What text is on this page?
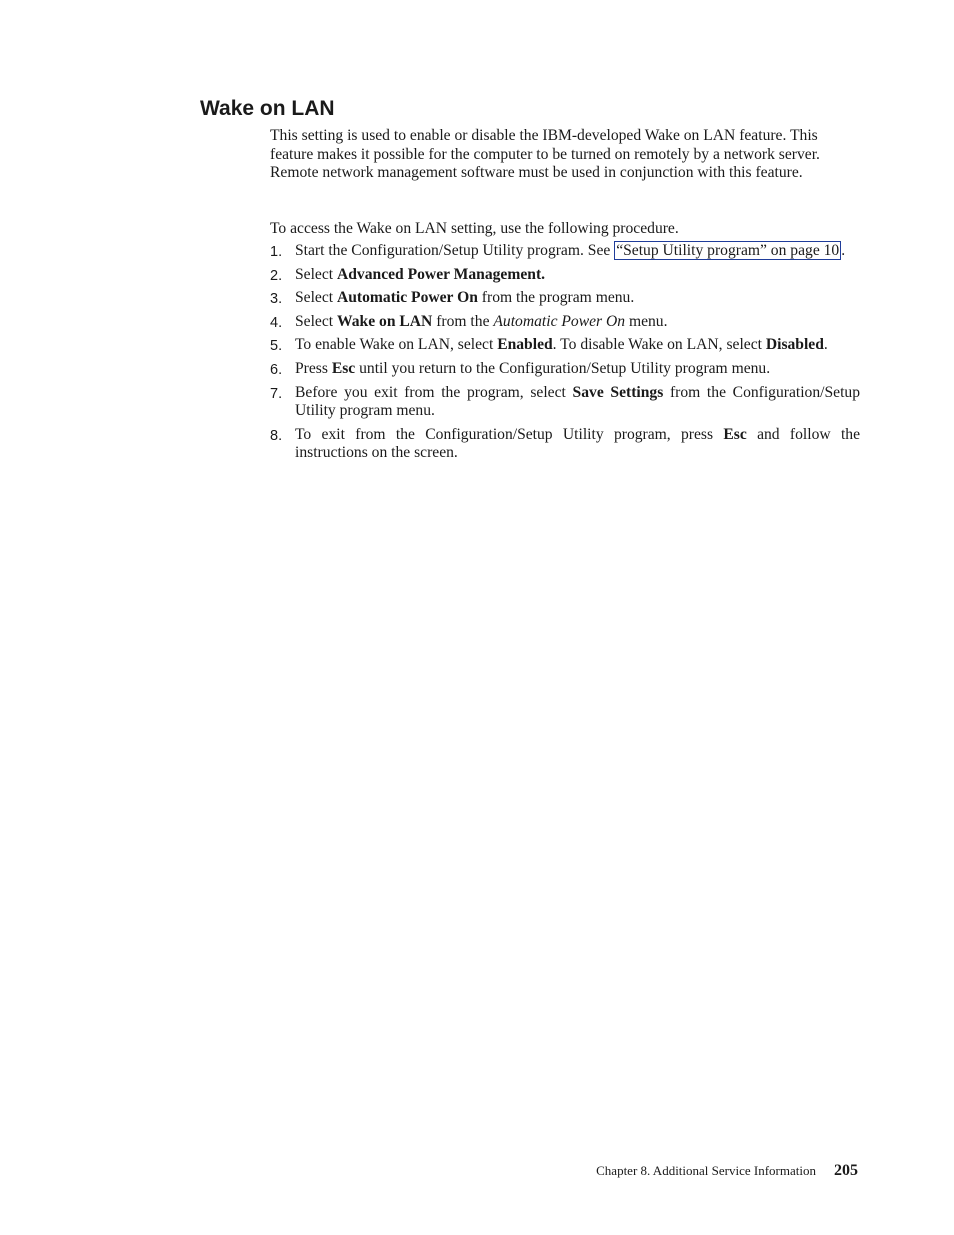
Wake on LAN

This setting is used to enable or disable the IBM-developed Wake on LAN feature. This feature makes it possible for the computer to be turned on remotely by a network server. Remote network management software must be used in conjunction with this feature.

To access the Wake on LAN setting, use the following procedure.

1. Start the Configuration/Setup Utility program. See “Setup Utility program” on page 10 .
2. Select Advanced Power Management.
3. Select Automatic Power On from the program menu.
4. Select Wake on LAN from the Automatic Power On menu.
5. To enable Wake on LAN, select Enabled. To disable Wake on LAN, select Disabled.
6. Press Esc until you return to the Configuration/Setup Utility program menu.
7. Before you exit from the program, select Save Settings from the Configuration/Setup Utility program menu.
8. To exit from the Configuration/Setup Utility program, press Esc and follow the instructions on the screen.
Chapter 8. Additional Service Information 205
